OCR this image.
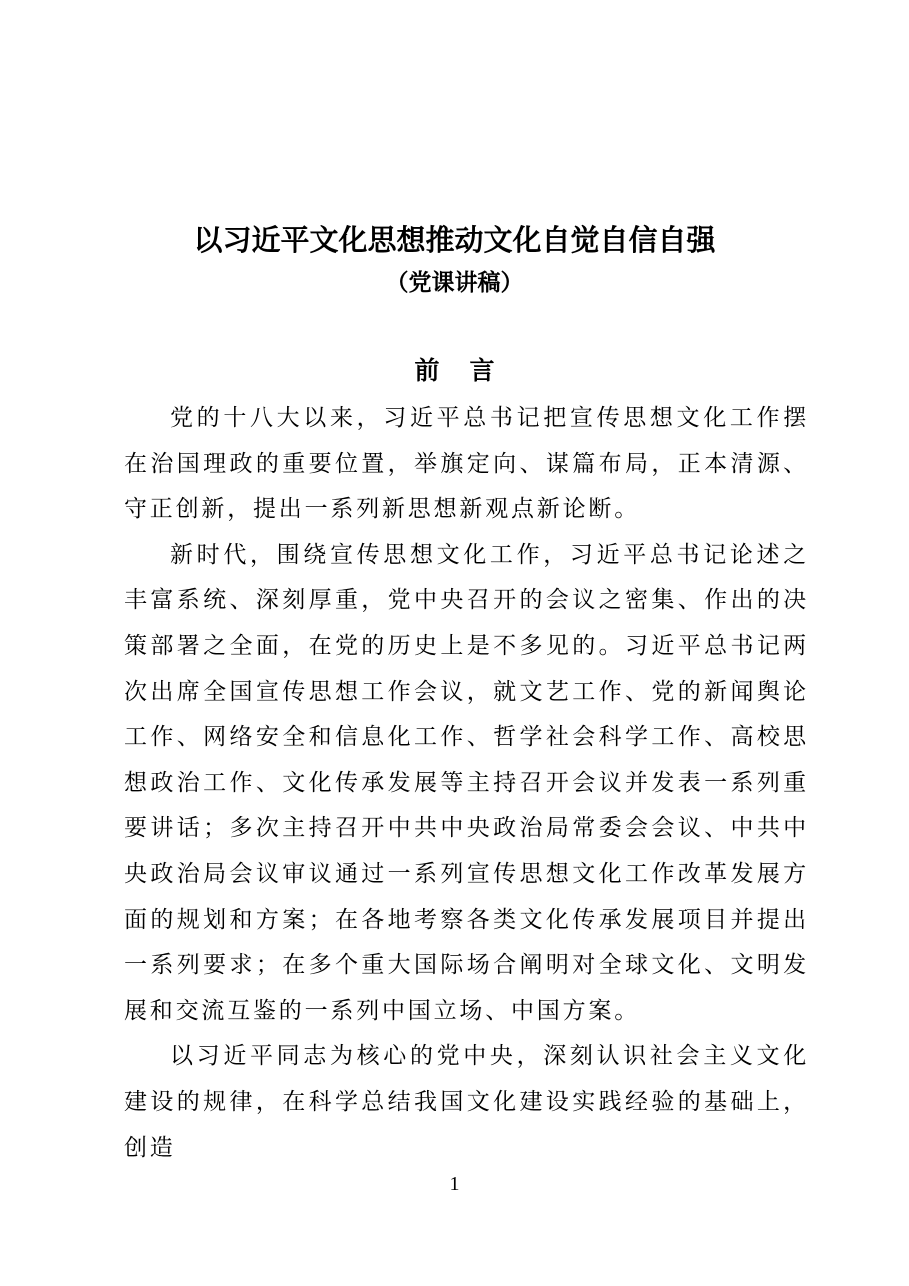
以习近平文化思想推动文化自觉自信自强
（党课讲稿）
前言

党的十八大以来，习近平总书记把宣传思想文化工作摆在治国理政的重要位置，举旗定向、谋篇布局，正本清源、守正创新，提出一系列新思想新观点新论断。

新时代，围绕宣传思想文化工作，习近平总书记论述之丰富系统、深刻厚重，党中央召开的会议之密集、作出的决策部署之全面，在党的历史上是不多见的。习近平总书记两次出席全国宣传思想工作会议，就文艺工作、党的新闻舆论工作、网络安全和信息化工作、哲学社会科学工作、高校思想政治工作、文化传承发展等主持召开会议并发表一系列重要讲话；多次主持召开中共中央政治局常委会会议、中共中央政治局会议审议通过一系列宣传思想文化工作改革发展方面的规划和方案；在各地考察各类文化传承发展项目并提出一系列要求；在多个重大国际场合阐明对全球文化、文明发展和交流互鉴的一系列中国立场、中国方案。

以习近平同志为核心的党中央，深刻认识社会主义文化建设的规律，在科学总结我国文化建设实践经验的基础上，创造

1
